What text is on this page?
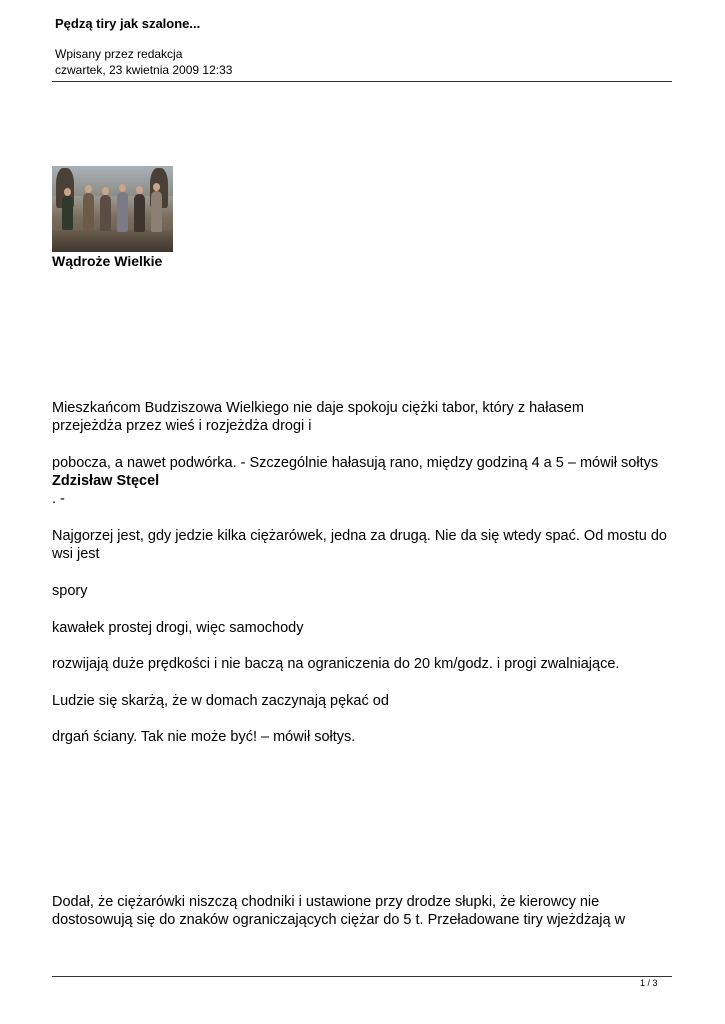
Pędzą tiry jak szalone...
Wpisany przez redakcja
czwartek, 23 kwietnia 2009 12:33
Wądroże Wielkie
Mieszkańcom Budziszowa Wielkiego nie daje spokoju ciężki tabor, który z hałasem
przejeżdża przez wieś i rozjeżdża drogi i
pobocza, a nawet podwórka. - Szczególnie hałasują rano, między godziną 4 a 5 – mówił sołtys
Zdzisław Stęcel
. -
Najgorzej jest, gdy jedzie kilka ciężarówek, jedna za drugą. Nie da się wtedy spać. Od mostu do
wsi jest
spory
kawałek prostej drogi, więc samochody
rozwijają duże prędkości i nie baczą na ograniczenia do 20 km/godz. i progi zwalniające.
Ludzie się skarżą, że w domach zaczynają pękać od
drgań ściany. Tak nie może być! – mówił sołtys.
Dodał, że ciężarówki niszczą chodniki i ustawione przy drodze słupki, że kierowcy nie
dostosowują się do znaków ograniczających ciężar do 5 t. Przeładowane tiry wjeżdżają w
1 / 3
